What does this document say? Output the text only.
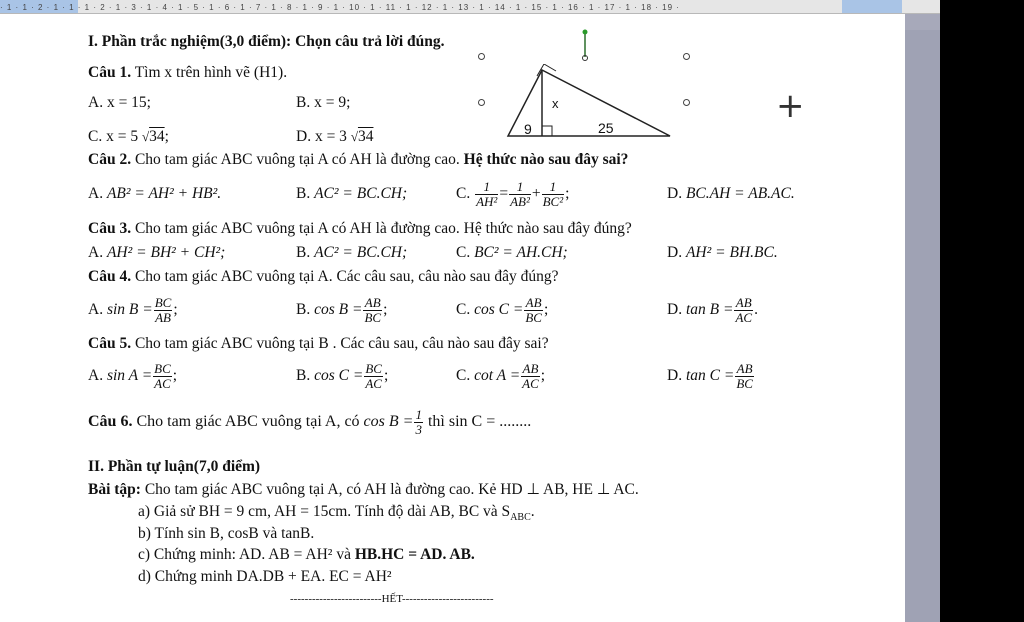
· 1 · 1 · 2 · 1 · 1 · 1 · 2 · 1 · 3 · 1 · 4 · 1 · 5 · 1 · 6 · 1 · 7 · 1 · 8 · 1 · 9 · 1 · 10 · 1 · 11 · 1 · 12 · 1 · 13 · 1 · 14 · 1 · 15 · 1 · 16 · 1 · 17 · 1 · 18 · 19 ·
I. Phần trắc nghiệm(3,0 điểm): Chọn câu trả lời đúng.
+
Câu 1. Tìm x trên hình vẽ (H1).
A. x = 15;	B. x = 9;
C. x = 5 √34;	D. x = 3 √34
x
9	25
Câu 2. Cho tam giác ABC vuông tại A có AH là đường cao. Hệ thức nào sau đây sai?
A. AB² = AH² + HB².	B. AC² = BC.CH;	C. $\frac{1}{\text{AH²}} = \frac{1}{\text{AB²}} + \frac{1}{\text{BC²}}$ ;	D. BC.AH = AB.AC.
Câu 3. Cho tam giác ABC vuông tại A có AH là đường cao. Hệ thức nào sau đây đúng?
A. AH² = BH² + CH²;	B. AC² = BC.CH;	C. BC² = AH.CH;	D. AH² = BH.BC.
Câu 4. Cho tam giác ABC vuông tại A. Các câu sau, câu nào sau đây đúng?
A. $\sin B = \frac{BC}{AB}$ ;	B. $\cos B = \frac{AB}{BC}$ ;	C. $\cos C = \frac{AB}{BC}$ ;	D. $\tan B = \frac{AB}{AC}$ .
Câu 5. Cho tam giác ABC vuông tại B . Các câu sau, câu nào sau đây sai?
A. $\sin A = \frac{BC}{AC}$ ;	B. $\cos C = \frac{BC}{AC}$ ;	C. $\cot A = \frac{AB}{AC}$ ;	D. $\tan C = \frac{AB}{BC}$
Câu 6. Cho tam giác ABC vuông tại A, có $\cos B = \frac{1}{3}$ thì sin C = ........
II. Phần tự luận(7,0 điểm)
Bài tập: Cho tam giác ABC vuông tại A, có AH là đường cao. Kẻ HD ⊥ AB, HE ⊥ AC.
a) Giả sử BH = 9 cm, AH = 15cm. Tính độ dài AB, BC và $S_{ABC}$.
b) Tính sin B, cosB và tanB.
c) Chứng minh: AD. AB = AH² và HB.HC = AD. AB.
d) Chứng minh DA.DB + EA. EC = AH²
-------------------------HẾT-------------------------
